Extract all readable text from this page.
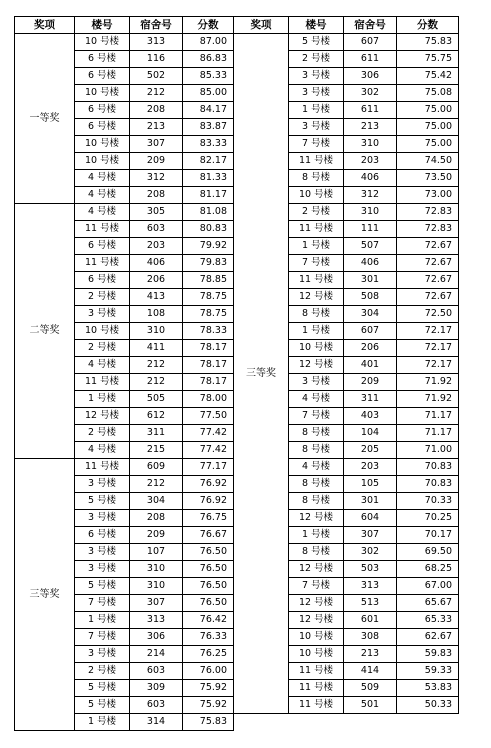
奖项	楼号	宿舍号	分数
一等奖	10 号楼	313	87.00
	6 号楼	116	86.83
	6 号楼	502	85.33
	10 号楼	212	85.00
	6 号楼	208	84.17
	6 号楼	213	83.87
	10 号楼	307	83.33
	10 号楼	209	82.17
	4 号楼	312	81.33
	4 号楼	208	81.17
二等奖	4 号楼	305	81.08
	11 号楼	603	80.83
	6 号楼	203	79.92
	11 号楼	406	79.83
	6 号楼	206	78.85
	2 号楼	413	78.75
	3 号楼	108	78.75
	10 号楼	310	78.33
	2 号楼	411	78.17
	4 号楼	212	78.17
	11 号楼	212	78.17
	1 号楼	505	78.00
	12 号楼	612	77.50
	2 号楼	311	77.42
	4 号楼	215	77.42
三等奖	11 号楼	609	77.17
	3 号楼	212	76.92
	5 号楼	304	76.92
	3 号楼	208	76.75
	6 号楼	209	76.67
	3 号楼	107	76.50
	3 号楼	310	76.50
	5 号楼	310	76.50
	7 号楼	307	76.50
	1 号楼	313	76.42
	7 号楼	306	76.33
	3 号楼	214	76.25
	2 号楼	603	76.00
	5 号楼	309	75.92
	5 号楼	603	75.92
	1 号楼	314	75.83
奖项	楼号	宿舍号	分数
三等奖	5 号楼	607	75.83
	2 号楼	611	75.75
	3 号楼	306	75.42
	3 号楼	302	75.08
	1 号楼	611	75.00
	3 号楼	213	75.00
	7 号楼	310	75.00
	11 号楼	203	74.50
	8 号楼	406	73.50
	10 号楼	312	73.00
	2 号楼	310	72.83
	11 号楼	111	72.83
	1 号楼	507	72.67
	7 号楼	406	72.67
	11 号楼	301	72.67
	12 号楼	508	72.67
	8 号楼	304	72.50
	1 号楼	607	72.17
	10 号楼	206	72.17
	12 号楼	401	72.17
	3 号楼	209	71.92
	4 号楼	311	71.92
	7 号楼	403	71.17
	8 号楼	104	71.17
	8 号楼	205	71.00
	4 号楼	203	70.83
	8 号楼	105	70.83
	8 号楼	301	70.33
	12 号楼	604	70.25
	1 号楼	307	70.17
	8 号楼	302	69.50
	12 号楼	503	68.25
	7 号楼	313	67.00
	12 号楼	513	65.67
	12 号楼	601	65.33
	10 号楼	308	62.67
	10 号楼	213	59.83
	11 号楼	414	59.33
	11 号楼	509	53.83
	11 号楼	501	50.33
